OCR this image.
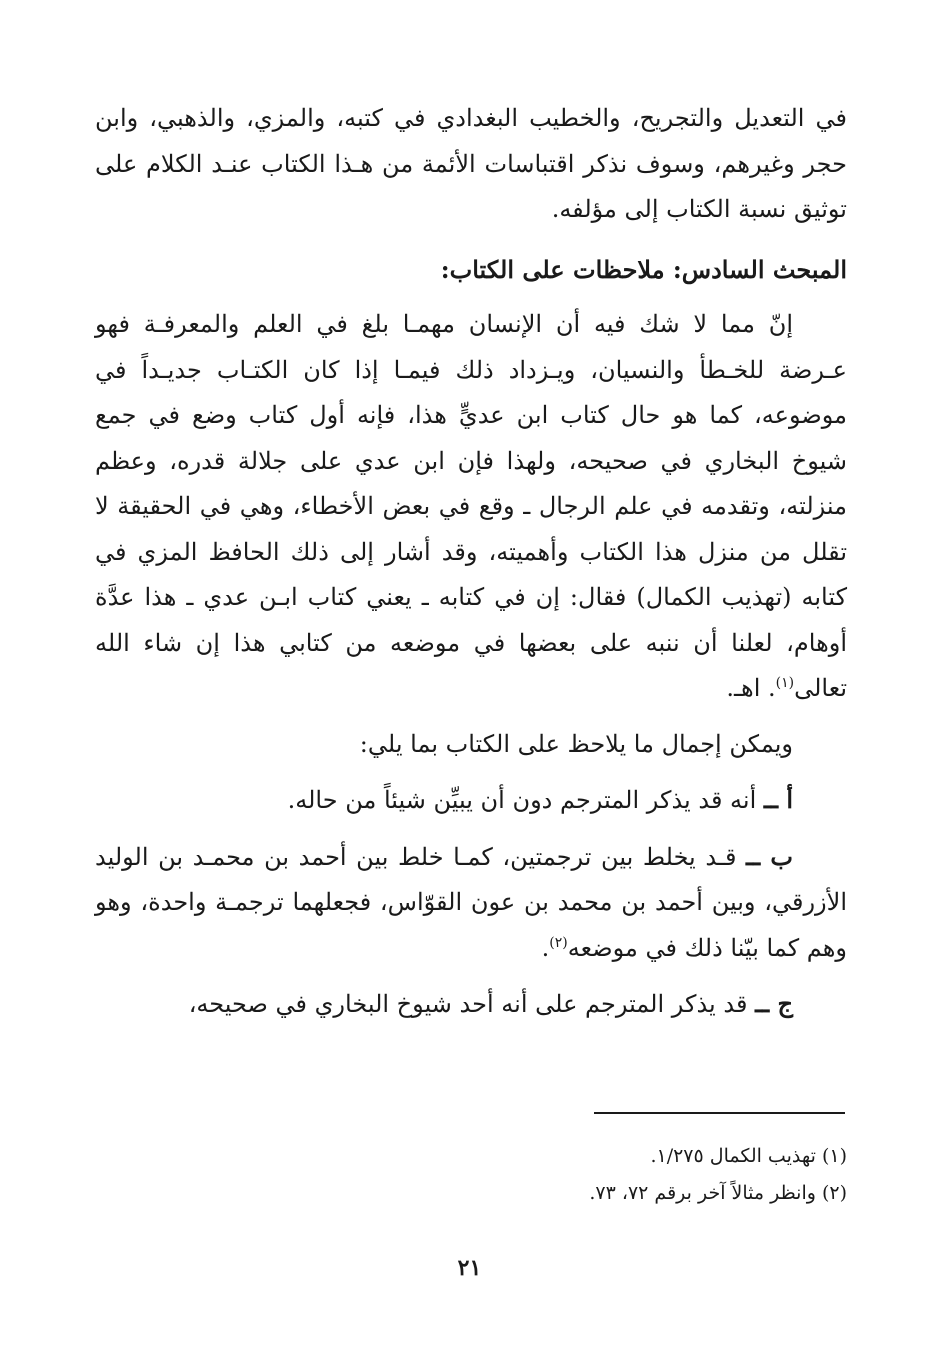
في التعديل والتجريح، والخطيب البغدادي في كتبه، والمزي، والذهبي، وابن حجر وغيرهم، وسوف نذكر اقتباسات الأئمة من هـذا الكتاب عنـد الكلام على توثيق نسبة الكتاب إلى مؤلفه.

المبحث السادس: ملاحظات على الكتاب:

إنّ مما لا شك فيه أن الإنسان مهمـا بلغ في العلم والمعرفـة فهو عـرضة للخـطأ والنسيان، ويـزداد ذلك فيمـا إذا كان الكتـاب جديـداً في موضوعه، كما هو حال كتاب ابن عديٍّ هذا، فإنه أول كتاب وضع في جمع شيوخ البخاري في صحيحه، ولهذا فإن ابن عدي على جلالة قدره، وعظم منزلته، وتقدمه في علم الرجال ـ وقع في بعض الأخطاء، وهي في الحقيقة لا تقلل من منزل هذا الكتاب وأهميته، وقد أشار إلى ذلك الحافظ المزي في كتابه (تهذيب الكمال) فقال: إن في كتابه ـ يعني كتاب ابـن عدي ـ هذا عدَّة أوهام، لعلنا أن ننبه على بعضها في موضعه من كتابي هذا إن شاء الله تعالى$^{(١)}$. اهـ.

ويمكن إجمال ما يلاحظ على الكتاب بما يلي:

أ ــ أنه قد يذكر المترجم دون أن يبيِّن شيئاً من حاله.

ب ــ قـد يخلط بين ترجمتين، كمـا خلط بين أحمد بن محمـد بن الوليد الأزرقي، وبين أحمد بن محمد بن عون القوّاس، فجعلهما ترجمـة واحدة، وهو وهم كما بيّنا ذلك في موضعه$^{(٢)}$.

ج ــ قد يذكر المترجم على أنه أحد شيوخ البخاري في صحيحه،

(١) تهذيب الكمال ١/٢٧٥.

(٢) وانظر مثالاً آخر برقم ٧٢، ٧٣.

٢١
